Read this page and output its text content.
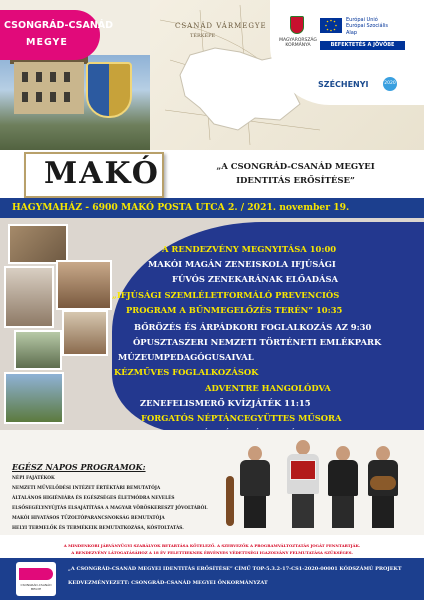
CSONGRÁD-CSANÁD
MEGYE
CSANÁD VÁRMEGYE
TÉRKÉPE
MAGYARORSZÁG KORMÁNYA
Európai Unió
Európai Szociális
Alap
BEFEKTETÉS A JÖVŐBE
SZÉCHENYI	2020
MAKÓ	„A CSONGRÁD-CSANÁD MEGYEI
IDENTITÁS ERŐSÍTÉSE”
HAGYMAHÁZ - 6900 MAKÓ POSTA UTCA 2. / 2021. november 19.
A RENDEZVÉNY MEGNYITÁSA 10:00
MAKÓI MAGÁN ZENEISKOLA IFJÚSÁGI
FÚVÓS ZENEKARÁNAK ELŐADÁSA
„IFJÚSÁGI SZEMLÉLETFORMÁLÓ PREVENCIÓS
PROGRAM A BŰNMEGELŐZÉS TERÉN” 10:35
BŐRÖZÉS ÉS ÁRPÁDKORI FOGLALKOZÁS AZ 9:30
ÓPUSZTASZERI NEMZETI TÖRTÉNETI EMLÉKPARK
MÚZEUMPEDAGÓGUSAIVAL
KÉZMŰVES FOGLALKOZÁSOK
ADVENTRE HANGOLÓDVA
ZENEFELISMERŐ KVÍZJÁTÉK 11:15
FORGATÓS NÉPTÁNCEGYÜTTES MŰSORA
EGÉSZ NAPOS PROGRAMOK:
NÉPI FAJÁTÉKOK
NEMZETI MŰVELŐDÉSI INTÉZET ÉRTÉKTÁRI BEMUTATÓJA
ÁLTALÁNOS HIGIÉNIÁRA ÉS EGÉSZSÉGES ÉLETMÓDRA NEVELÉS
ELSŐSEGÉLYNYÚJTÁS ELSAJÁTÍTÁSA A MAGYAR VÖRÖSKERESZT JÓVOLTÁBÓL
MAKÓI HIVATÁSOS TŰZOLTÓPARANCSNOKSÁG BEMUTATÓJA
HELYI TERMELŐK ÉS TERMÉKEIK BEMUTATKOZÁSA, KÓSTOLTATÁS.
A MINDENKORI JÁRVÁNYÜGYI SZABÁLYOK BETARTÁSA KÖTELEZŐ. A SZERVEZŐK A PROGRAMVÁLTOZTATÁS JOGÁT FENNTARTJÁK.
A RENDEZVÉNY LÁTOGATÁSÁHOZ A 18 ÉV FELETTIEKNEK ÉRVÉNYES VÉDETTSÉGI IGAZOLVÁNY FELMUTATÁSA SZÜKSÉGES.
CSONGRÁD-CSANÁD MEGYE
„A CSONGRÁD-CSANÁD MEGYEI IDENTITÁS ERŐSÍTÉSE” CÍMŰ TOP-5.3.2-17-CS1-2020-00001 KÓDSZÁMÚ PROJEKT
KEDVEZMÉNYEZETT: CSONGRÁD-CSANÁD MEGYEI ÖNKORMÁNYZAT
